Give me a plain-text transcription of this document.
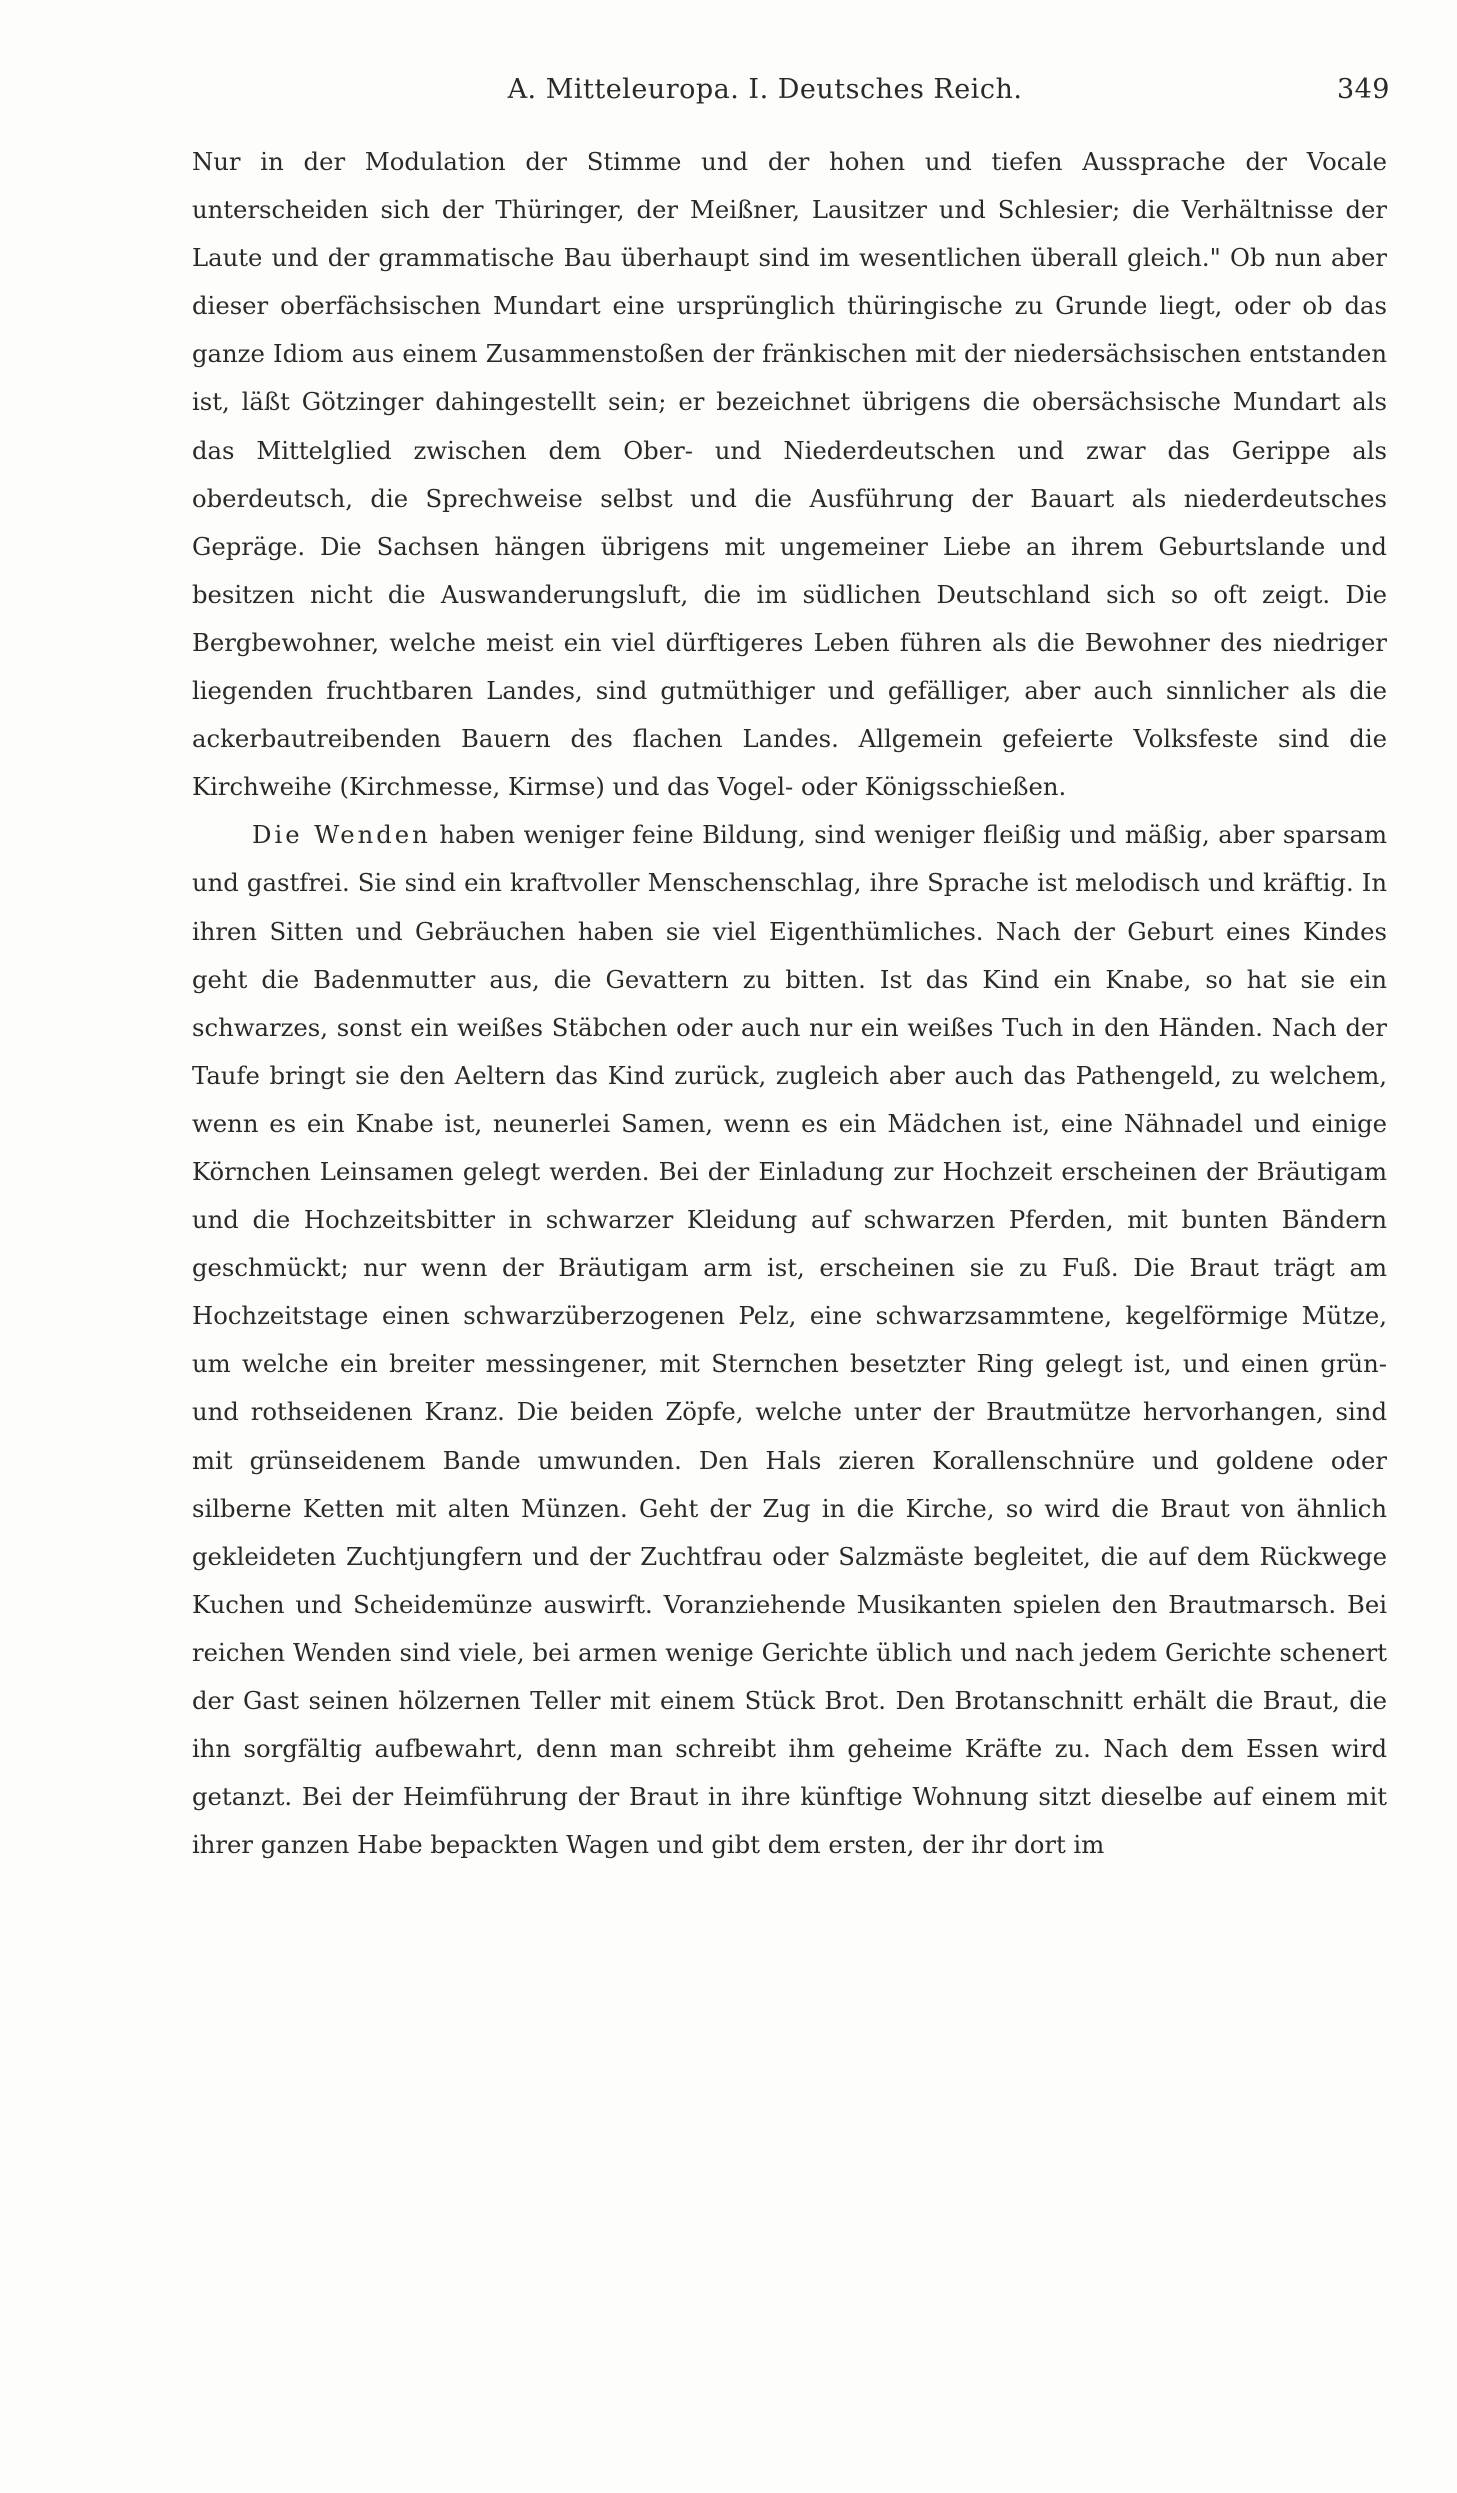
A. Mitteleuropa. I. Deutsches Reich.	349

Nur in der Modulation der Stimme und der hohen und tiefen Aussprache der Vocale unterscheiden sich der Thüringer, der Meißner, Lausitzer und Schlesier; die Verhältnisse der Laute und der grammatische Bau überhaupt sind im wesentlichen überall gleich." Ob nun aber dieser oberfächsischen Mundart eine ursprünglich thüringische zu Grunde liegt, oder ob das ganze Idiom aus einem Zusammenstoßen der fränkischen mit der niedersächsischen entstanden ist, läßt Götzinger dahingestellt sein; er bezeichnet übrigens die obersächsische Mundart als das Mittelglied zwischen dem Ober- und Niederdeutschen und zwar das Gerippe als oberdeutsch, die Sprechweise selbst und die Ausführung der Bauart als niederdeutsches Gepräge. Die Sachsen hängen übrigens mit ungemeiner Liebe an ihrem Geburtslande und besitzen nicht die Auswanderungsluft, die im südlichen Deutschland sich so oft zeigt. Die Bergbewohner, welche meist ein viel dürftigeres Leben führen als die Bewohner des niedriger liegenden fruchtbaren Landes, sind gutmüthiger und gefälliger, aber auch sinnlicher als die ackerbautreibenden Bauern des flachen Landes. Allgemein gefeierte Volksfeste sind die Kirchweihe (Kirchmesse, Kirmse) und das Vogel- oder Königsschießen.

Die Wenden haben weniger feine Bildung, sind weniger fleißig und mäßig, aber sparsam und gastfrei. Sie sind ein kraftvoller Menschenschlag, ihre Sprache ist melodisch und kräftig. In ihren Sitten und Gebräuchen haben sie viel Eigenthümliches. Nach der Geburt eines Kindes geht die Badenmutter aus, die Gevattern zu bitten. Ist das Kind ein Knabe, so hat sie ein schwarzes, sonst ein weißes Stäbchen oder auch nur ein weißes Tuch in den Händen. Nach der Taufe bringt sie den Aeltern das Kind zurück, zugleich aber auch das Pathengeld, zu welchem, wenn es ein Knabe ist, neunerlei Samen, wenn es ein Mädchen ist, eine Nähnadel und einige Körnchen Leinsamen gelegt werden. Bei der Einladung zur Hochzeit erscheinen der Bräutigam und die Hochzeitsbitter in schwarzer Kleidung auf schwarzen Pferden, mit bunten Bändern geschmückt; nur wenn der Bräutigam arm ist, erscheinen sie zu Fuß. Die Braut trägt am Hochzeitstage einen schwarzüberzogenen Pelz, eine schwarzsammtene, kegelförmige Mütze, um welche ein breiter messingener, mit Sternchen besetzter Ring gelegt ist, und einen grün- und rothseidenen Kranz. Die beiden Zöpfe, welche unter der Brautmütze hervorhangen, sind mit grünseidenem Bande umwunden. Den Hals zieren Korallenschnüre und goldene oder silberne Ketten mit alten Münzen. Geht der Zug in die Kirche, so wird die Braut von ähnlich gekleideten Zuchtjungfern und der Zuchtfrau oder Salzmäste begleitet, die auf dem Rückwege Kuchen und Scheidemünze auswirft. Voranziehende Musikanten spielen den Brautmarsch. Bei reichen Wenden sind viele, bei armen wenige Gerichte üblich und nach jedem Gerichte schenert der Gast seinen hölzernen Teller mit einem Stück Brot. Den Brotanschnitt erhält die Braut, die ihn sorgfältig aufbewahrt, denn man schreibt ihm geheime Kräfte zu. Nach dem Essen wird getanzt. Bei der Heimführung der Braut in ihre künftige Wohnung sitzt dieselbe auf einem mit ihrer ganzen Habe bepackten Wagen und gibt dem ersten, der ihr dort im
